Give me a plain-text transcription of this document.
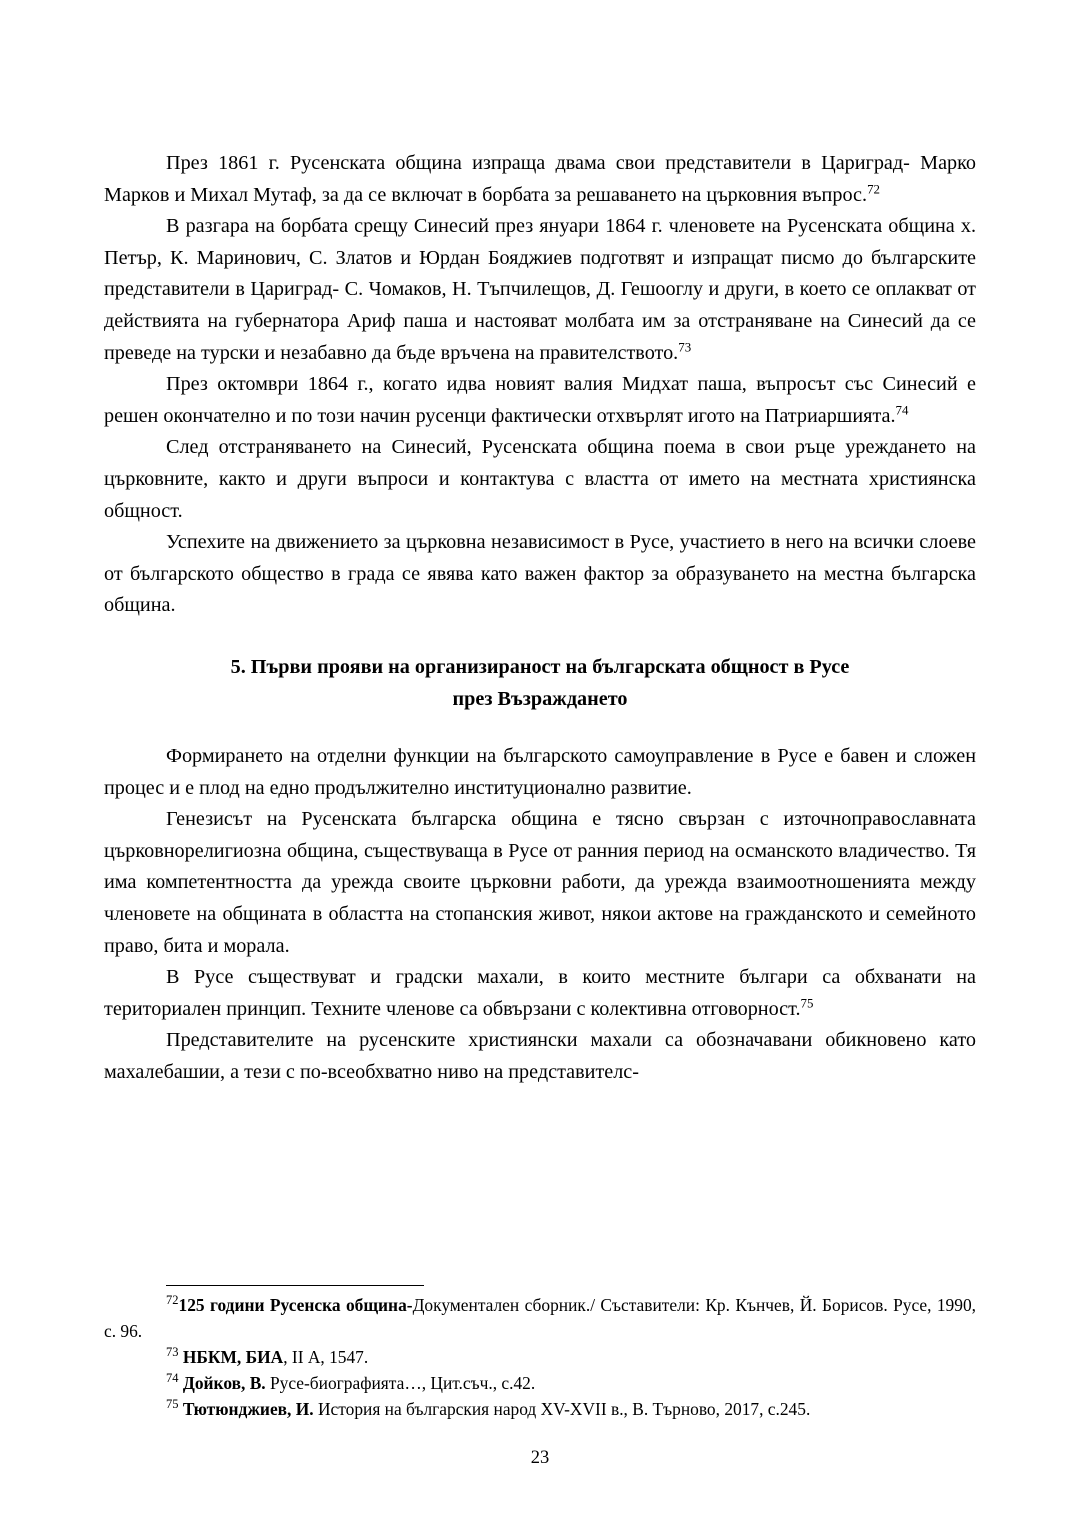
През 1861 г. Русенската община изпраща двама свои представители в Цариград- Марко Марков и Михал Мутаф, за да се включат в борбата за решаването на църковния въпрос.$^{72}$

В разгара на борбата срещу Синесий през януари 1864 г. членовете на Русенската община х. Петър, К. Маринович, С. Златов и Юрдан Бояджиев подготвят и изпращат писмо до българските представители в Цариград- С. Чомаков, Н. Тъпчилещов, Д. Гешооглу и други, в което се оплакват от действията на губернатора Ариф паша и настояват молбата им за отстраняване на Синесий да се преведе на турски и незабавно да бъде връчена на правителството.$^{73}$

През октомври 1864 г., когато идва новият валия Мидхат паша, въпросът със Синесий е решен окончателно и по този начин русенци фактически отхвърлят игото на Патриаршията.$^{74}$

След отстраняването на Синесий, Русенската община поема в свои ръце уреждането на църковните, както и други въпроси и контактува с властта от името на местната християнска общност.

Успехите на движението за църковна независимост в Русе, участието в него на всички слоеве от българското общество в града се явява като важен фактор за образуването на местна българска община.

5. Първи прояви на организираност на българската общност в Русе
през Възраждането

Формирането на отделни функции на българското самоуправление в Русе е бавен и сложен процес и е плод на едно продължително институционално развитие.

Генезисът на Русенската българска община е тясно свързан с източноправославната църковнорелигиозна община, съществуваща в Русе от ранния период на османското владичество. Тя има компетентността да урежда своите църковни работи, да урежда взаимоотношенията между членовете на общината в областта на стопанския живот, някои актове на гражданското и семейното право, бита и морала.

В Русе съществуват и градски махали, в които местните българи са обхванати на териториален принцип. Техните членове са обвързани с колективна отговорност.$^{75}$

Представителите на русенските християнски махали са обозначавани обикновено като махалебашии, а тези с по-всеобхватно ниво на представителс-

$^{72}$125 години Русенска община-Документален сборник./ Съставители: Кр. Кънчев, Й. Борисов. Русе, 1990, с. 96.

$^{73}$ НБКМ, БИА, II А, 1547.

$^{74}$ Дойков, В. Русе-биографията…, Цит.съч., с.42.

$^{75}$ Тютюнджиев, И. История на българския народ XV-XVII в., В. Търново, 2017, с.245.

23
